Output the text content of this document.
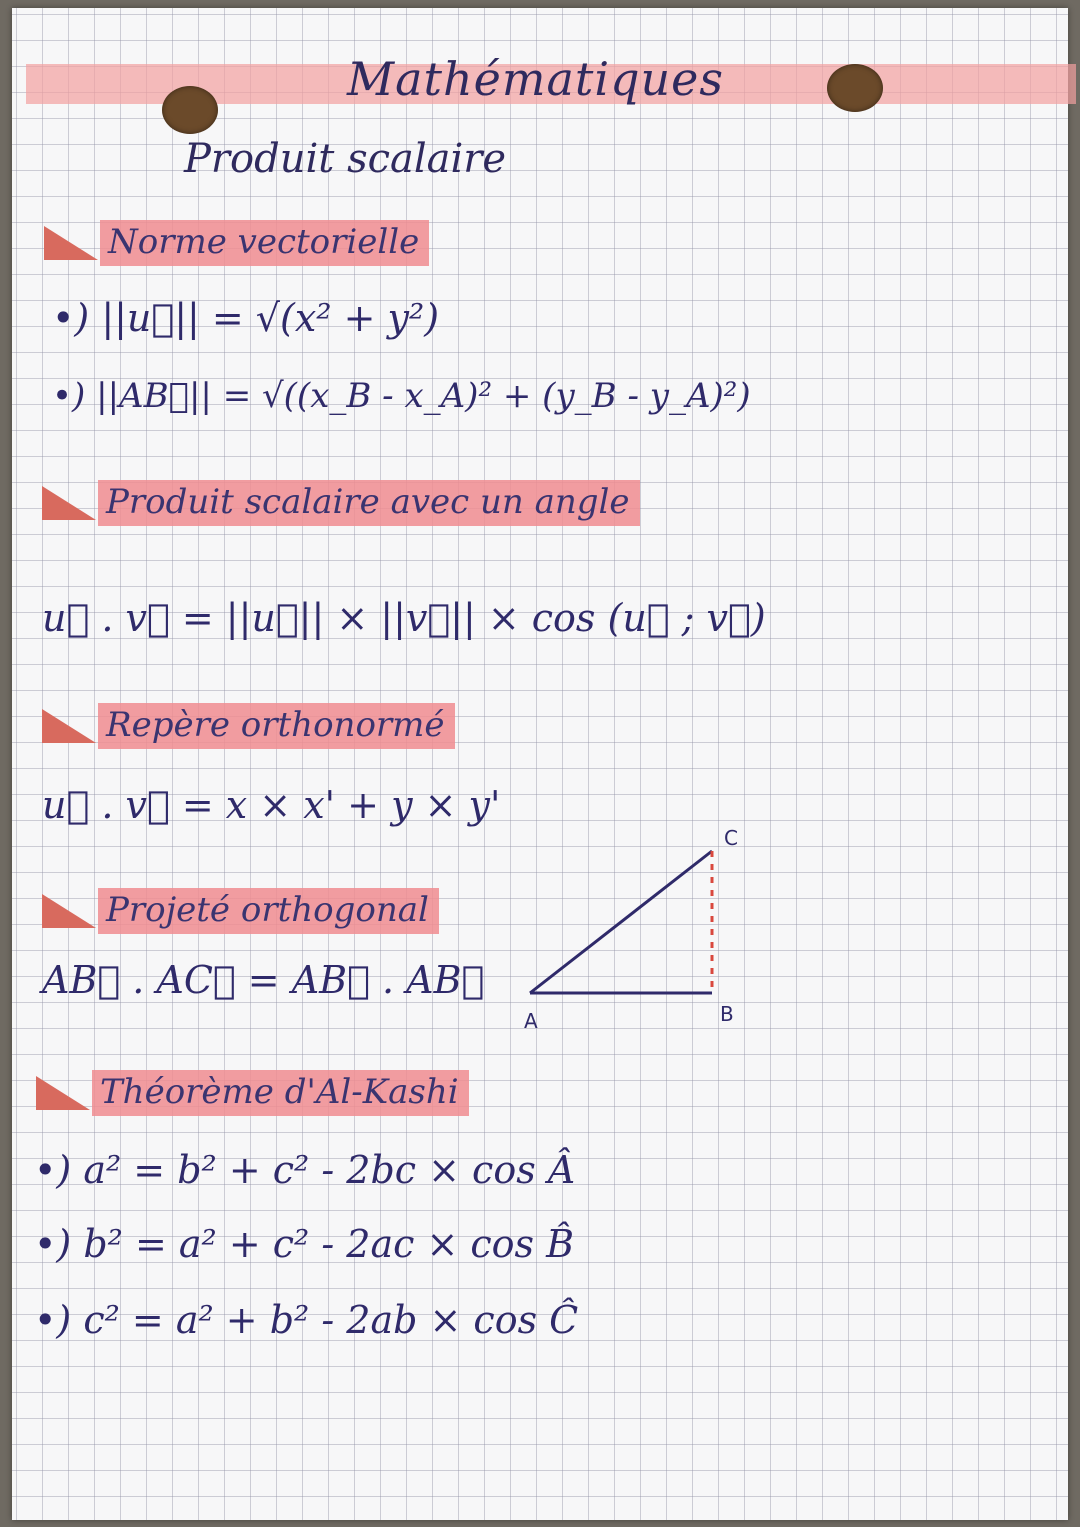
Mathématiques
Produit scalaire
Norme vectorielle
•) ||u⃗|| = √(x² + y²)
•) ||AB⃗|| = √((x_B - x_A)² + (y_B - y_A)²)
Produit scalaire avec un angle
u⃗ . v⃗ = ||u⃗|| × ||v⃗|| × cos (u⃗ ; v⃗)
Repère orthonormé
u⃗ . v⃗ = x × x' + y × y'
Projeté orthogonal
AB⃗ . AC⃗ = AB⃗ . AB⃗
A	B
C
Théorème d'Al-Kashi
•) a² = b² + c² - 2bc × cos Â
•) b² = a² + c² - 2ac × cos B̂
•) c² = a² + b² - 2ab × cos Ĉ
